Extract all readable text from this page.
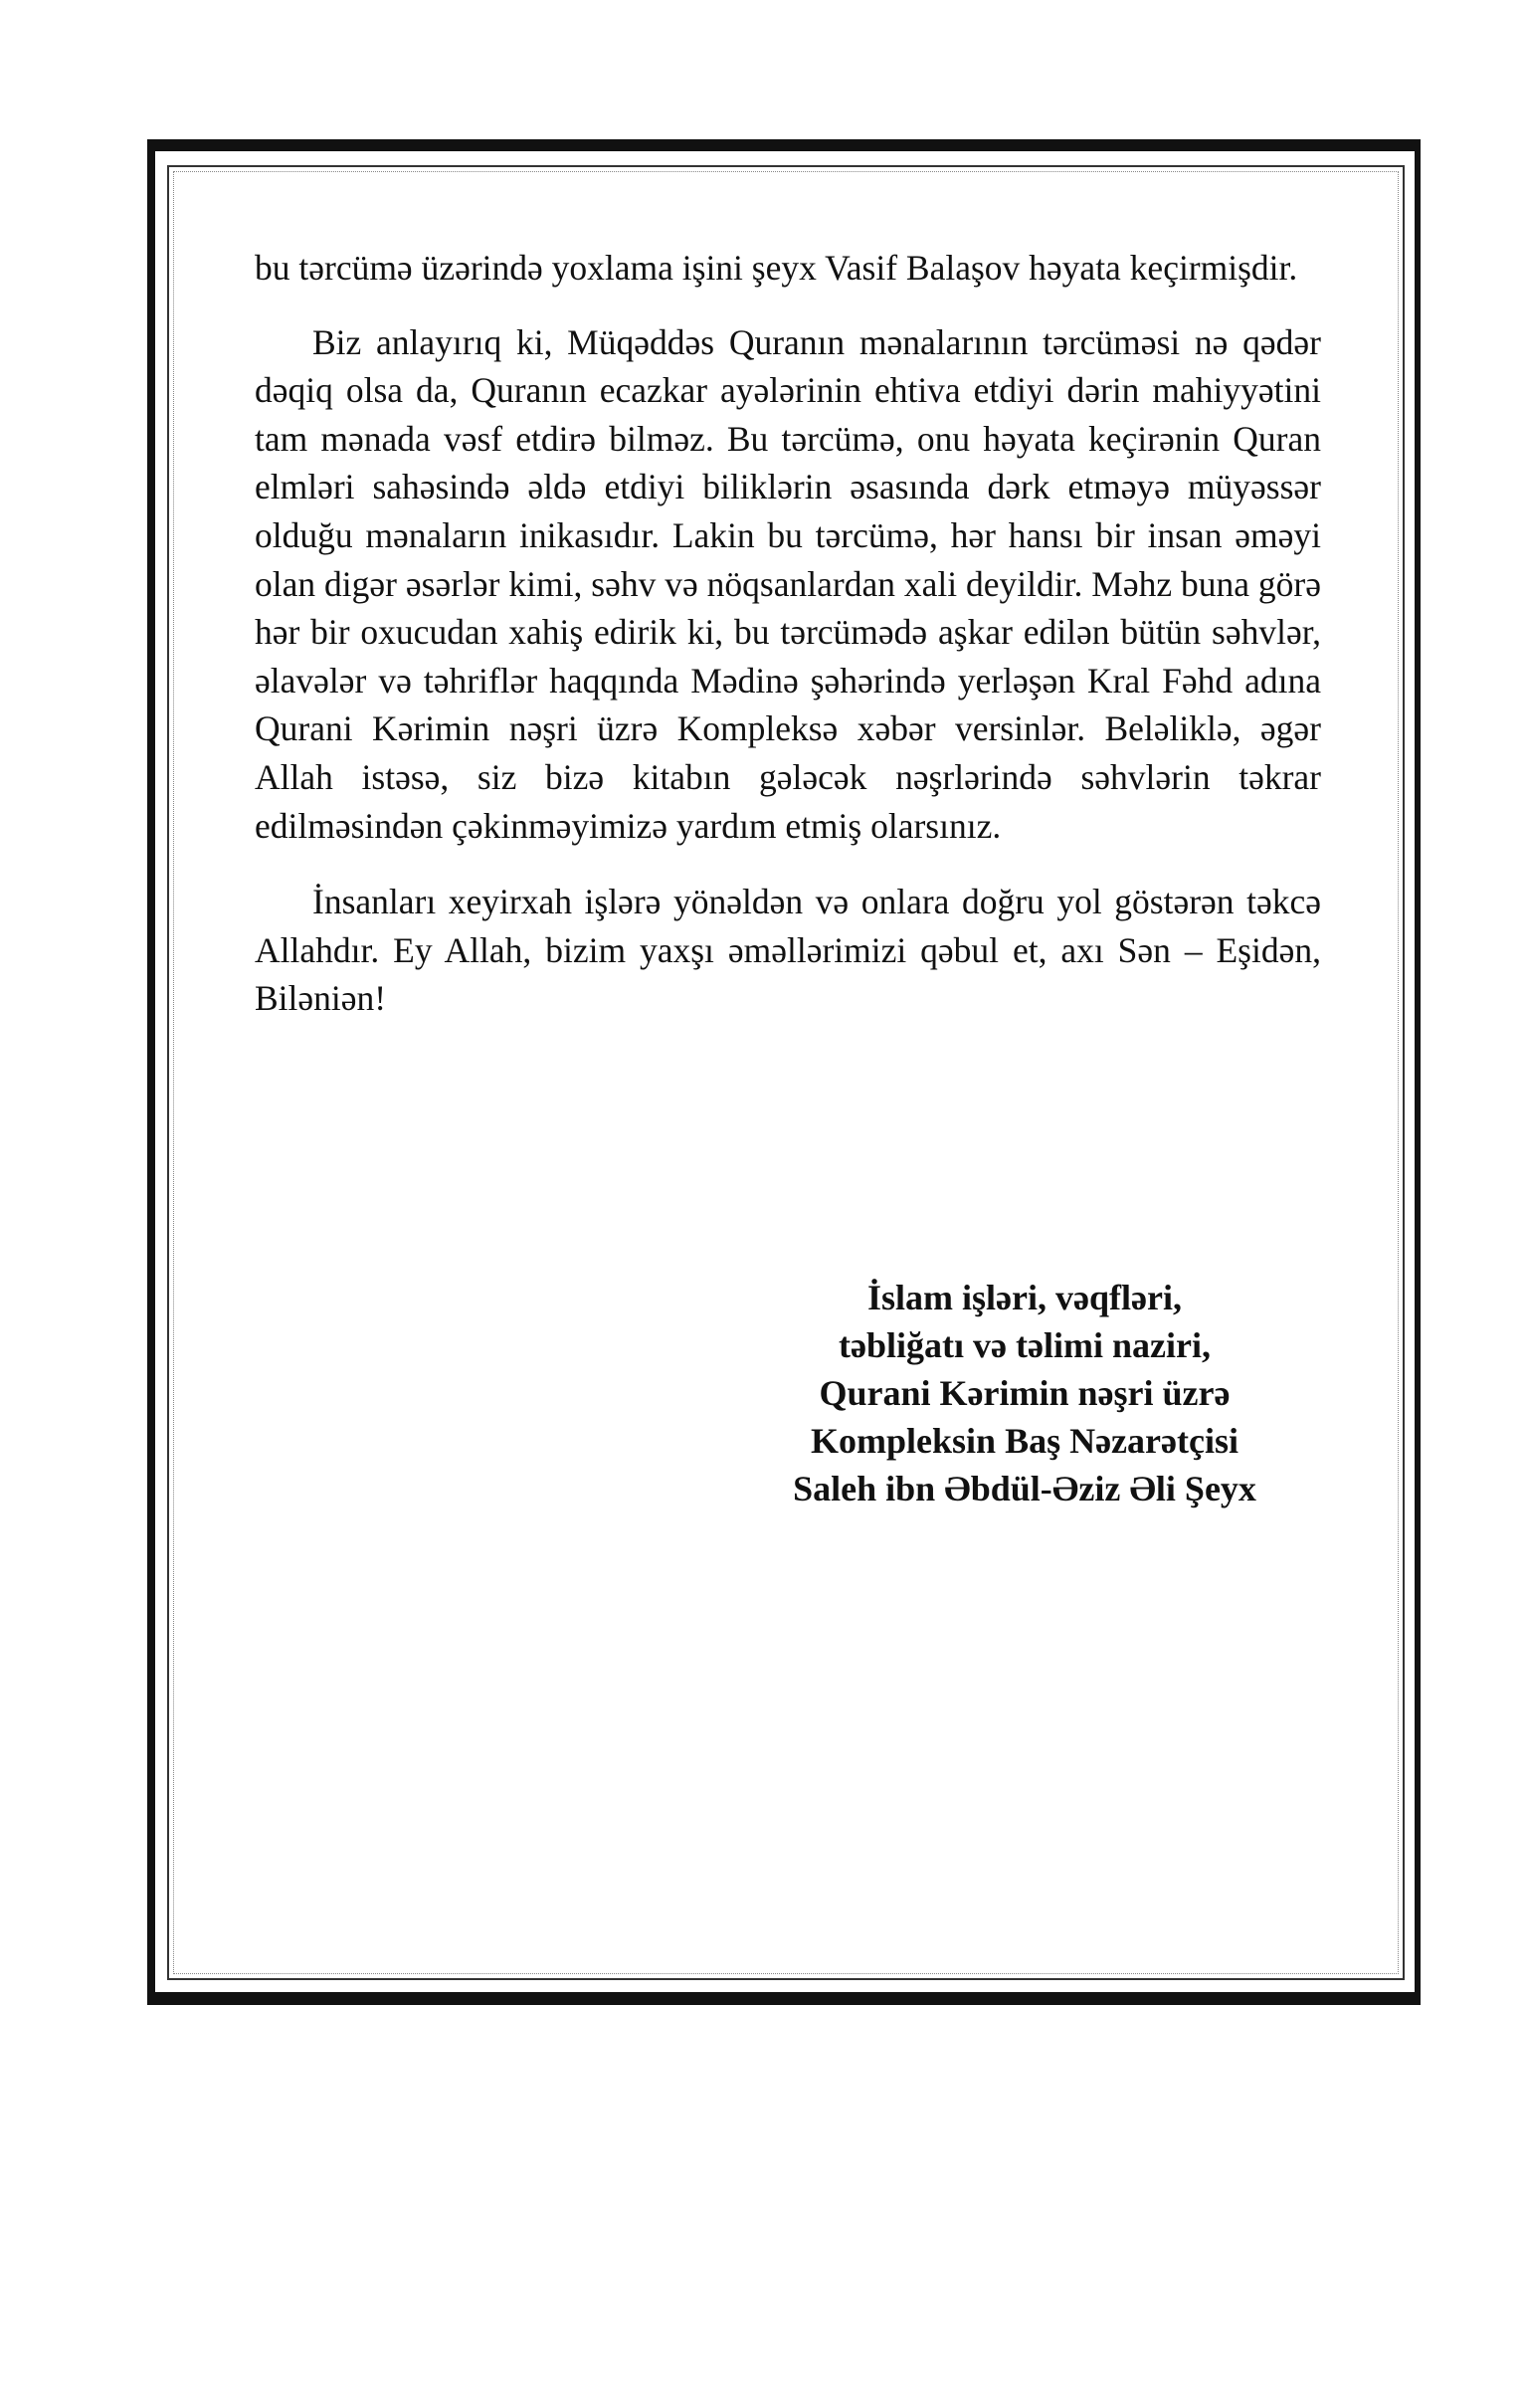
bu tərcümə üzərində yoxlama işini şeyx Vasif Balaşov həyata keçirmişdir.

Biz anlayırıq ki, Müqəddəs Quranın mənalarının tərcüməsi nə qədər dəqiq olsa da, Quranın ecazkar ayələrinin ehtiva etdiyi dərin mahiyyətini tam mənada vəsf etdirə bilməz. Bu tərcümə, onu həyata keçirənin Quran elmləri sahəsində əldə etdiyi biliklərin əsasında dərk etməyə müyəssər olduğu mənaların inikasıdır. Lakin bu tərcümə, hər hansı bir insan əməyi olan digər əsərlər kimi, səhv və nöqsanlardan xali deyildir. Məhz buna görə hər bir oxucudan xahiş edirik ki, bu tərcümədə aşkar edilən bütün səhvlər, əlavələr və təhriflər haqqında Mədinə şəhərində yerləşən Kral Fəhd adına Qurani Kərimin nəşri üzrə Kompleksə xəbər versinlər. Beləliklə, əgər Allah istəsə, siz bizə kitabın gələcək nəşrlərində səhvlərin təkrar edilməsindən çəkinməyimizə yardım etmiş olarsınız.

İnsanları xeyirxah işlərə yönəldən və onlara doğru yol göstərən təkcə Allahdır. Ey Allah, bizim yaxşı əməllərimizi qəbul et, axı Sən – Eşidən, Biləniən!

İslam işləri, vəqfləri,
təbliğatı və təlimi naziri,
Qurani Kərimin nəşri üzrə
Kompleksin Baş Nəzarətçisi
Saleh ibn Əbdül-Əziz Əli Şeyx
